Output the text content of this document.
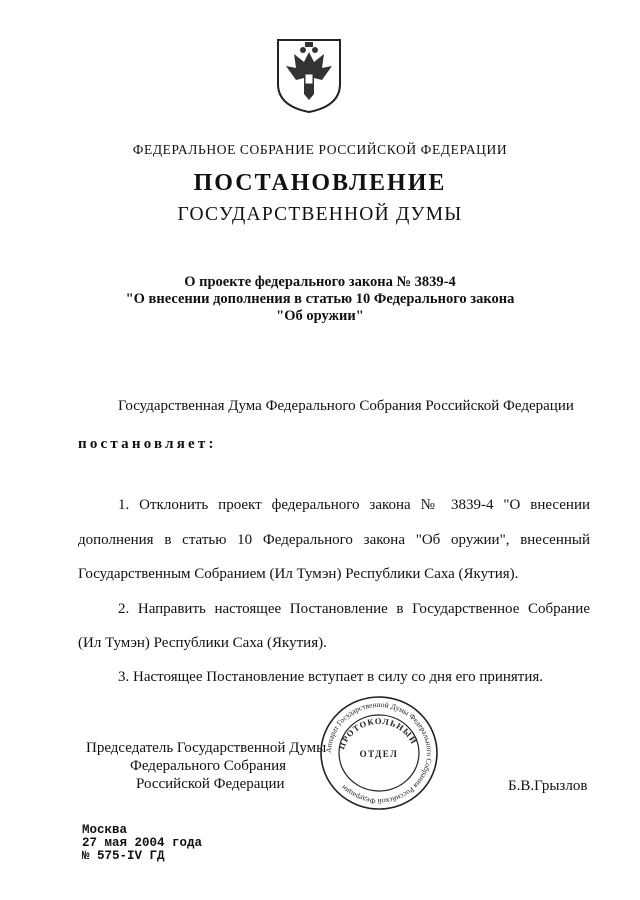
ФЕДЕРАЛЬНОЕ СОБРАНИЕ РОССИЙСКОЙ ФЕДЕРАЦИИ
ПОСТАНОВЛЕНИЕ
ГОСУДАРСТВЕННОЙ ДУМЫ
О проекте федерального закона № 3839-4
"О внесении дополнения в статью 10 Федерального закона
"Об оружии"
Государственная Дума Федерального Собрания Российской Федерации
постановляет:
1. Отклонить проект федерального закона № 3839-4 "О внесении
дополнения в статью 10 Федерального закона "Об оружии", внесенный
Государственным Собранием (Ил Тумэн) Республики Саха (Якутия).
2. Направить настоящее Постановление в Государственное Собрание
(Ил Тумэн) Республики Саха (Якутия).
3. Настоящее Постановление вступает в силу со дня его принятия.
Председатель Государственной Думы
Федерального Собрания
Российской Федерации	Б.В.Грызлов
Аппарат Государственной Думы Федерального Собрания Российской Федерации
ПРОТОКОЛЬНЫЙ
ОТДЕЛ
Москва
27 мая 2004 года
№ 575-IV ГД
